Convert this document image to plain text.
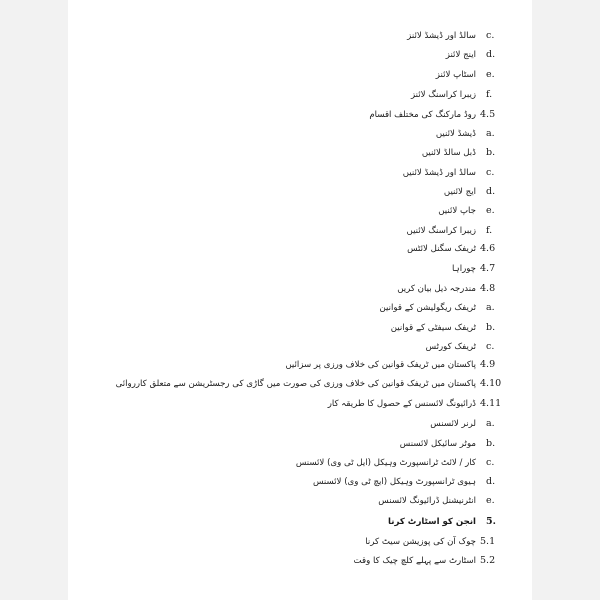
c.
سالڈ اور ڈیشڈ لائنز
d.
اینج لائنز
e.
اسٹاپ لائنز
f.
زیبرا کراسنگ لائنز
4.5
روڈ مارکنگ کی مختلف اقسام
a.
ڈیشڈ لائنیں
b.
ڈبل سالڈ لائنیں
c.
سالڈ اور ڈیشڈ لائنیں
d.
ایج لائنیں
e.
جاپ لائنیں
f.
زیبرا کراسنگ لائنیں
4.6
ٹریفک سگنل لائٹس
4.7
چوراہا
4.8
مندرجہ ذیل بیان کریں
a.
ٹریفک ریگولیشن کے قوانین
b.
ٹریفک سیفٹی کے قوانین
c.
ٹریفک کورٹس
4.9
پاکستان میں ٹریفک قوانین کی خلاف ورزی پر سزائیں
4.10
پاکستان میں ٹریفک قوانین کی خلاف ورزی کی صورت میں گاڑی کی رجسٹریشن سے متعلق کارروائی
4.11
ڈرائیونگ لائسنس کے حصول کا طریقہ کار
a.
لرنر لائسنس
b.
موٹر سائیکل لائسنس
c.
کار / لائٹ ٹرانسپورٹ وہیکل (ایل ٹی وی) لائسنس
d.
ہیوی ٹرانسپورٹ وہیکل (ایچ ٹی وی) لائسنس
e.
انٹرنیشنل ڈرائیونگ لائسنس
5.
انجن کو اسٹارٹ کرنا
5.1
چوک آن کی پوزیشن سیٹ کرنا
5.2
اسٹارٹ سے پہلے کلچ چیک کا وقت
